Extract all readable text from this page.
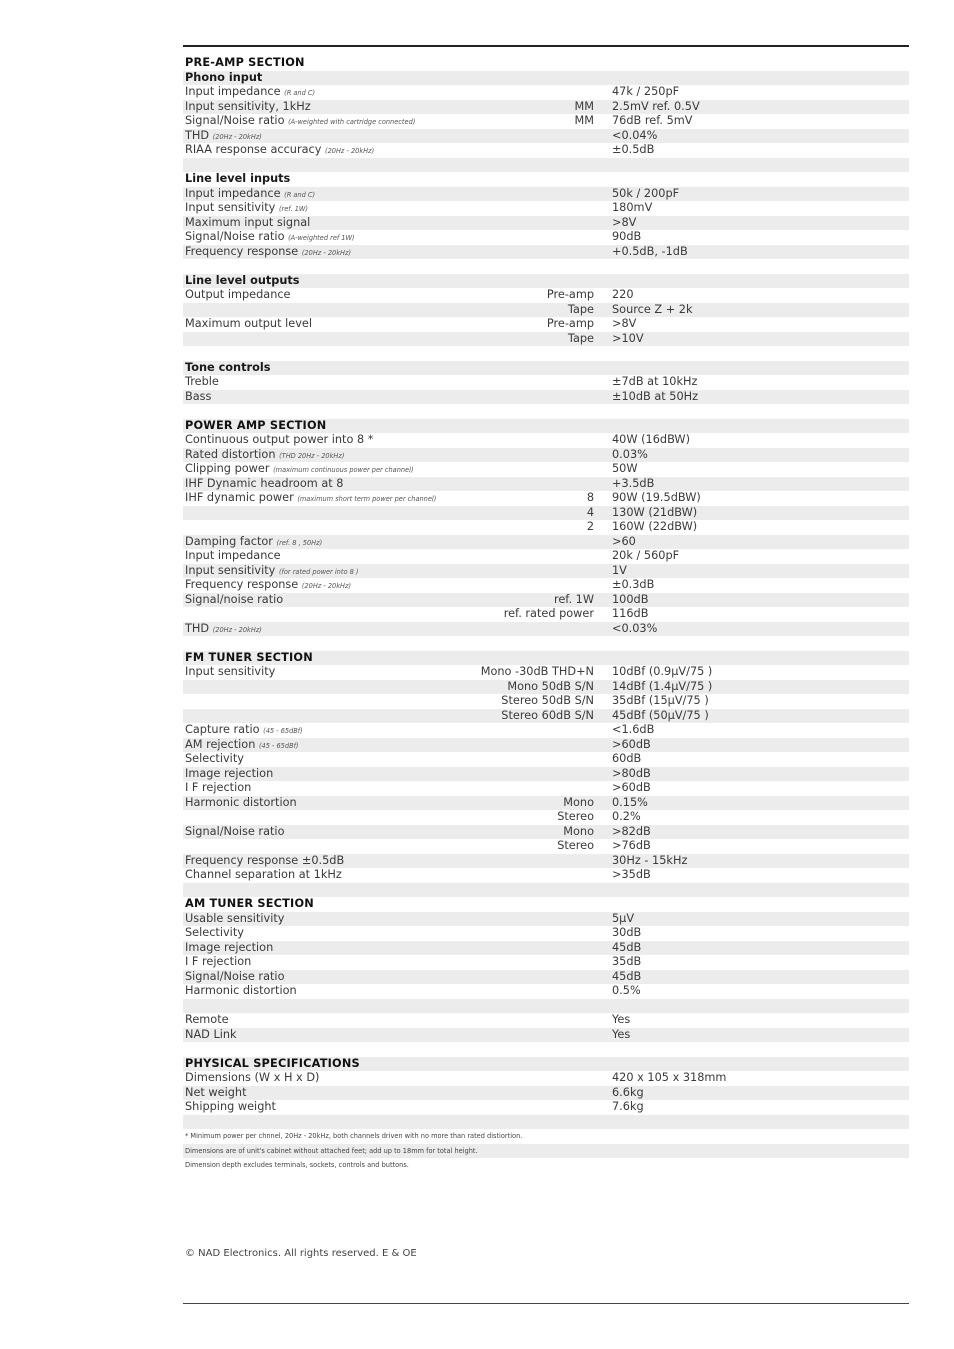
PRE-AMP SECTION
Phono input
Input impedance (R and C)	47k / 250pF
Input sensitivity, 1kHz	MM 2.5mV ref. 0.5V
Signal/Noise ratio (A-weighted with cartridge connected)	MM 76dB ref. 5mV
THD (20Hz - 20kHz)	<0.04%
RIAA response accuracy (20Hz - 20kHz)	±0.5dB
Line level inputs
Input impedance (R and C)	50k / 200pF
Input sensitivity (ref. 1W)	180mV
Maximum input signal	>8V
Signal/Noise ratio (A-weighted ref 1W)	90dB
Frequency response (20Hz - 20kHz)	+0.5dB, -1dB
Line level outputs
Output impedance	Pre-amp 220
Tape Source Z + 2k
Maximum output level	Pre-amp >8V
Tape >10V
Tone controls
Treble	±7dB at 10kHz
Bass	±10dB at 50Hz
POWER AMP SECTION
Continuous output power into 8 *	40W (16dBW)
Rated distortion (THD 20Hz - 20kHz)	0.03%
Clipping power (maximum continuous power per channel)	50W
IHF Dynamic headroom at 8	+3.5dB
IHF dynamic power (maximum short term power per channel)	8 90W (19.5dBW)
4 130W (21dBW)
2 160W (22dBW)
Damping factor (ref. 8 , 50Hz)	>60
Input impedance	20k / 560pF
Input sensitivity (for rated power into 8 )	1V
Frequency response (20Hz - 20kHz)	±0.3dB
Signal/noise ratio	ref. 1W 100dB
ref. rated power 116dB
THD (20Hz - 20kHz)	<0.03%
FM TUNER SECTION
Input sensitivity	Mono -30dB THD+N 10dBf (0.9µV/75 )
Mono 50dB S/N 14dBf (1.4µV/75 )
Stereo 50dB S/N 35dBf (15µV/75 )
Stereo 60dB S/N 45dBf (50µV/75 )
Capture ratio (45 - 65dBf)	<1.6dB
AM rejection (45 - 65dBf)	>60dB
Selectivity	60dB
Image rejection	>80dB
I F rejection	>60dB
Harmonic distortion	Mono 0.15%
Stereo 0.2%
Signal/Noise ratio	Mono >82dB
Stereo >76dB
Frequency response ±0.5dB	30Hz - 15kHz
Channel separation at 1kHz	>35dB
AM TUNER SECTION
Usable sensitivity	5µV
Selectivity	30dB
Image rejection	45dB
I F rejection	35dB
Signal/Noise ratio	45dB
Harmonic distortion	0.5%
Remote	Yes
NAD Link	Yes
PHYSICAL SPECIFICATIONS
Dimensions (W x H x D)	420 x 105 x 318mm
Net weight	6.6kg
Shipping weight	7.6kg
* Minimum power per chnnel, 20Hz - 20kHz, both channels driven with no more than rated distiortion.
Dimensions are of unit's cabinet without attached feet; add up to 18mm for total height.
Dimension depth excludes terminals, sockets, controls and buttons.
© NAD Electronics. All rights reserved. E & OE
